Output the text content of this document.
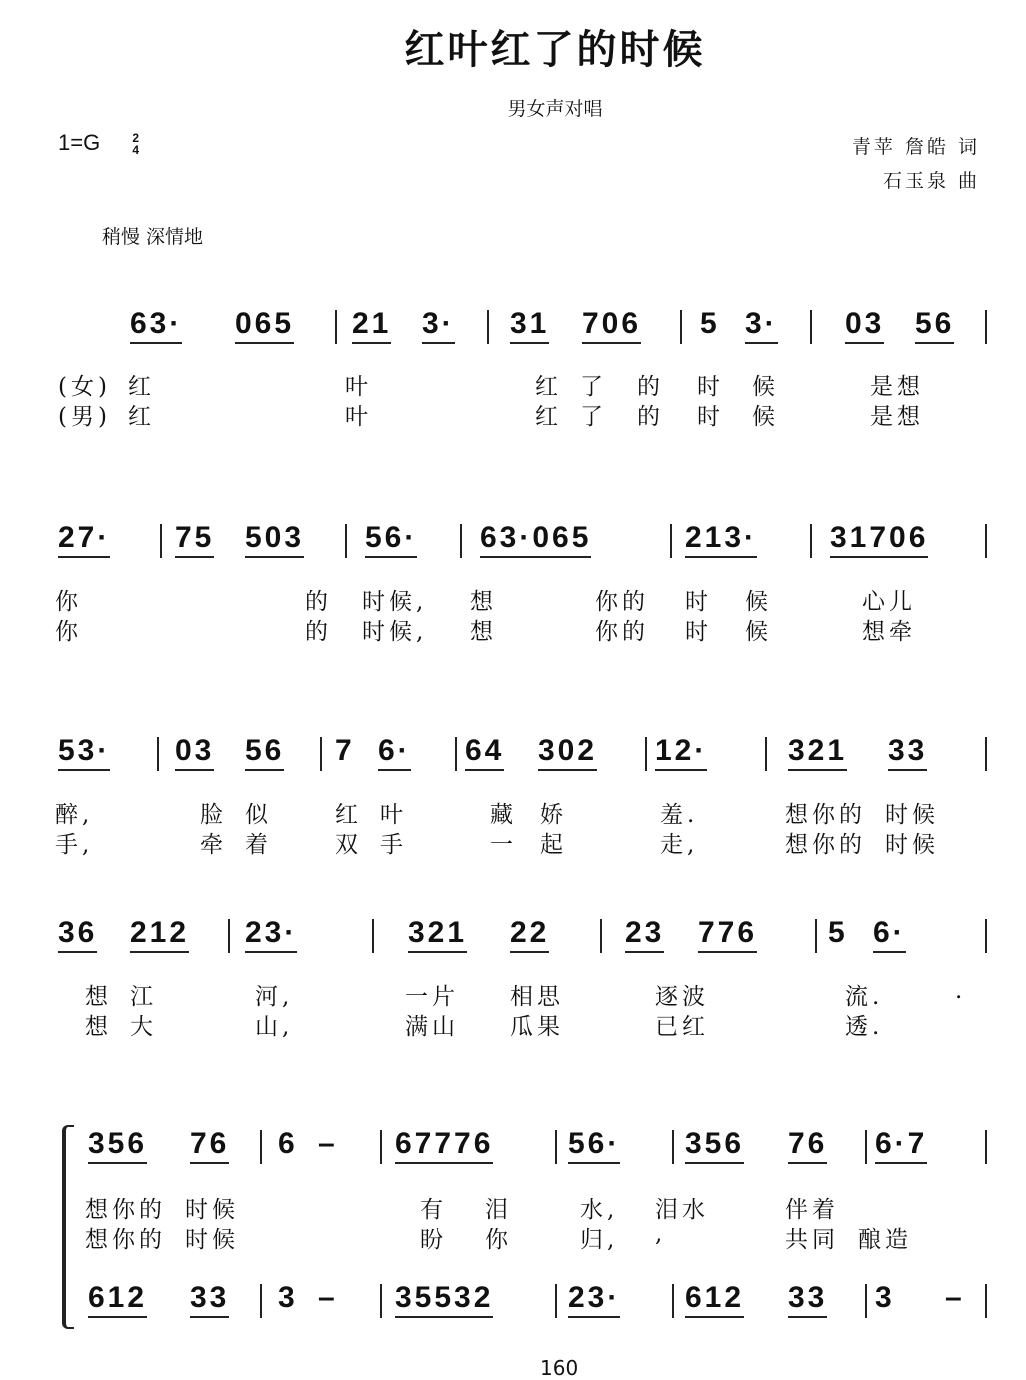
红叶红了的时候
男女声对唱
1=G	2
4	青苹 詹皓 词
石玉泉 曲
稍慢 深情地
63· 065 21 3· 31 706 5 3· 03 56
(女) 红	叶	红 了 的 时 候	是想
(男) 红	叶	红 了 的 时 候	是想
27· 75 503 56· 63·065	213· 31706
你	的 时候, 想	你的 时 候	心儿
你	的 时候, 想	你的 时 候	想牵
53· 03 56 7 6· 64 302 12·	321 33
醉,	脸 似	红 叶	藏 娇	羞.	想你的 时候
手,	牵 着	双 手	一 起	走,	想你的 时候
36 212 23·	321 22	23 776 5 6·
想 江	河,	一片 相思	逐波	流.	.
想 大	山,	满山 瓜果	已红	透.
356 76 6 – 67776 56· 356 76 6·7
想你的 时候	有 泪	水, 泪水	伴着
想你的 时候	盼 你	归, ,	共同 酿造
612 33 3 – 35532 23· 612 33 3 –
160
